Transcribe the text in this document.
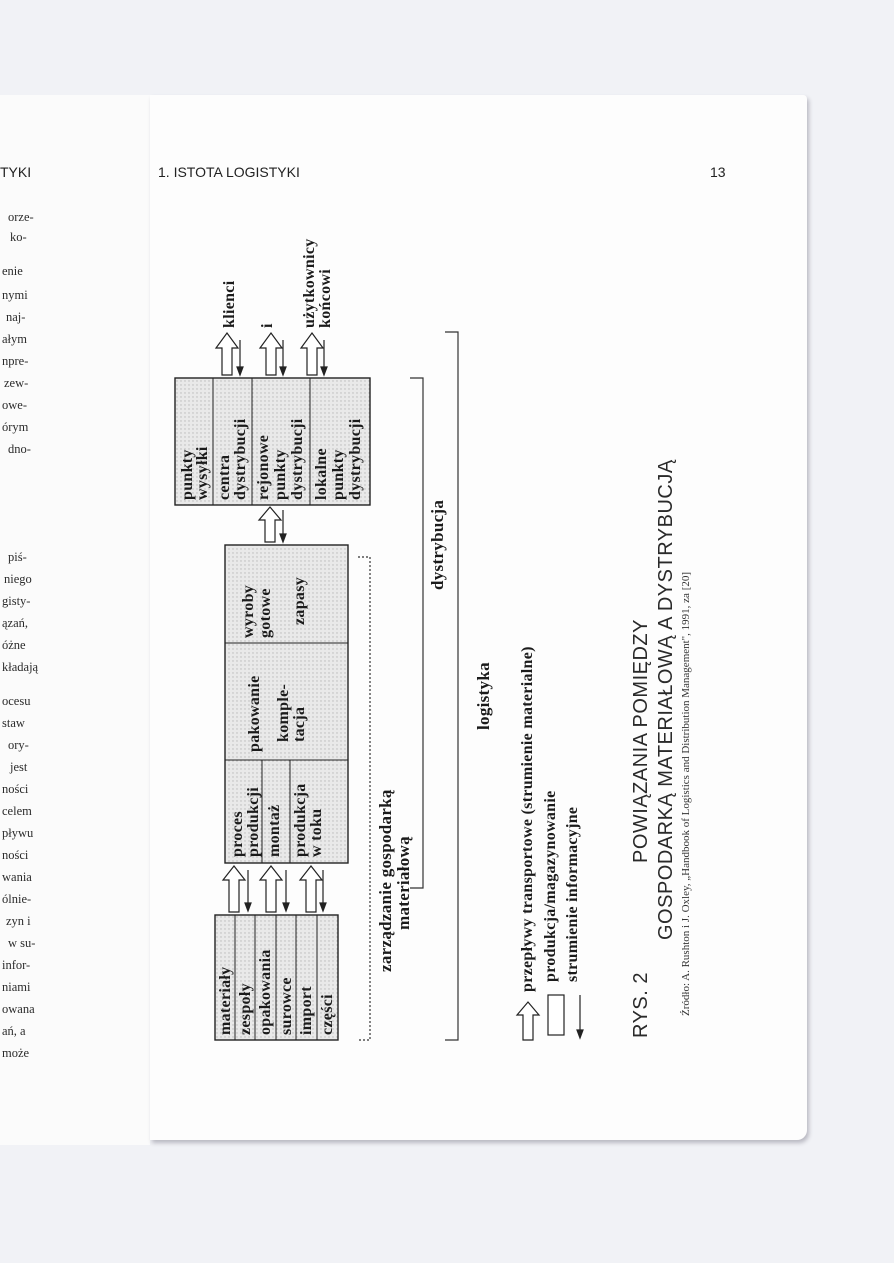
TYKI
orze-
ko-
enie
nymi
naj-
ałym
npre-
zew-
owe-
órym
dno-
piś-
niego
gisty-
ązań,
óżne
kładają
ocesu
staw
ory-
jest
ności
celem
pływu
ności
wania
ólnie-
zyn i
w su-
infor-
niami
owana
ań, a
może
1. ISTOTA LOGISTYKI	13
materiały zespoły opakowania surowce import części
proces produkcji montaż produkcja w toku
pakowanie komple- tacja
wyroby gotowe zapasy
punkty
wysyłki centra dystrybucji rejonowe punkty dystrybucji lokalne punkty dystrybucji
klienci i użytkownicy końcowi
zarządzanie gospodarką materiałową
dystrybucja
logistyka przepływy transportowe (strumienie materialne) produkcja/magazynowanie strumienie informacyjne
RYS. 2
POWIĄZANIA POMIĘDZY GOSPODARKĄ MATERIAŁOWĄ A DYSTRYBUCJĄ Źródło: A. Rushton i J. Oxley, „Handbook of Logistics and Distribution Management", 1991, za [20]
